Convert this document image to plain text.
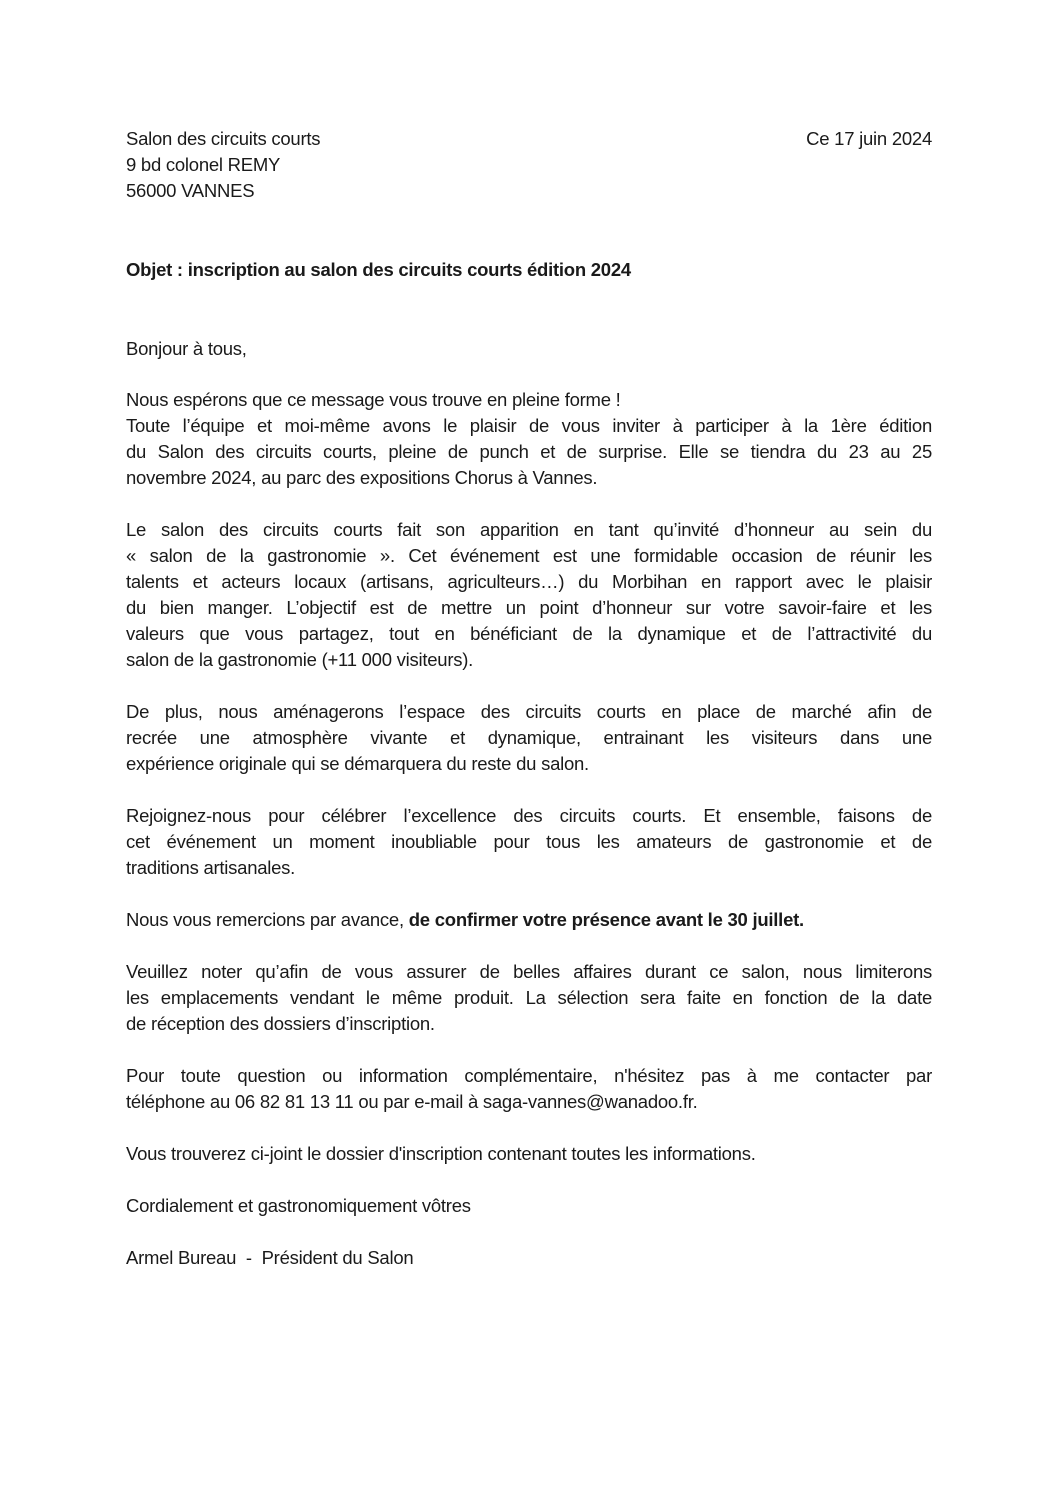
Salon des circuits courts
9 bd colonel REMY
56000 VANNES
Ce 17 juin 2024
Objet : inscription au salon des circuits courts édition 2024
Bonjour à tous,
Nous espérons que ce message vous trouve en pleine forme !
Toute l’équipe et moi-même avons le plaisir de vous inviter à participer à la 1ère édition
du Salon des circuits courts, pleine de punch et de surprise. Elle se tiendra du 23 au 25
novembre 2024, au parc des expositions Chorus à Vannes.
Le salon des circuits courts fait son apparition en tant qu’invité d’honneur au sein du
« salon de la gastronomie ». Cet événement est une formidable occasion de réunir les
talents et acteurs locaux (artisans, agriculteurs…) du Morbihan en rapport avec le plaisir
du bien manger. L’objectif est de mettre un point d’honneur sur votre savoir-faire et les
valeurs que vous partagez, tout en bénéficiant de la dynamique et de l’attractivité du
salon de la gastronomie (+11 000 visiteurs).
De plus, nous aménagerons l’espace des circuits courts en place de marché afin de
recrée une atmosphère vivante et dynamique, entrainant les visiteurs dans une
expérience originale qui se démarquera du reste du salon.
Rejoignez-nous pour célébrer l’excellence des circuits courts. Et ensemble, faisons de
cet événement un moment inoubliable pour tous les amateurs de gastronomie et de
traditions artisanales.
Nous vous remercions par avance, de confirmer votre présence avant le 30 juillet.
Veuillez noter qu’afin de vous assurer de belles affaires durant ce salon, nous limiterons
les emplacements vendant le même produit. La sélection sera faite en fonction de la date
de réception des dossiers d’inscription.
Pour toute question ou information complémentaire, n'hésitez pas à me contacter par
téléphone au 06 82 81 13 11 ou par e-mail à saga-vannes@wanadoo.fr.
Vous trouverez ci-joint le dossier d'inscription contenant toutes les informations.
Cordialement et gastronomiquement vôtres
Armel Bureau  -  Président du Salon
